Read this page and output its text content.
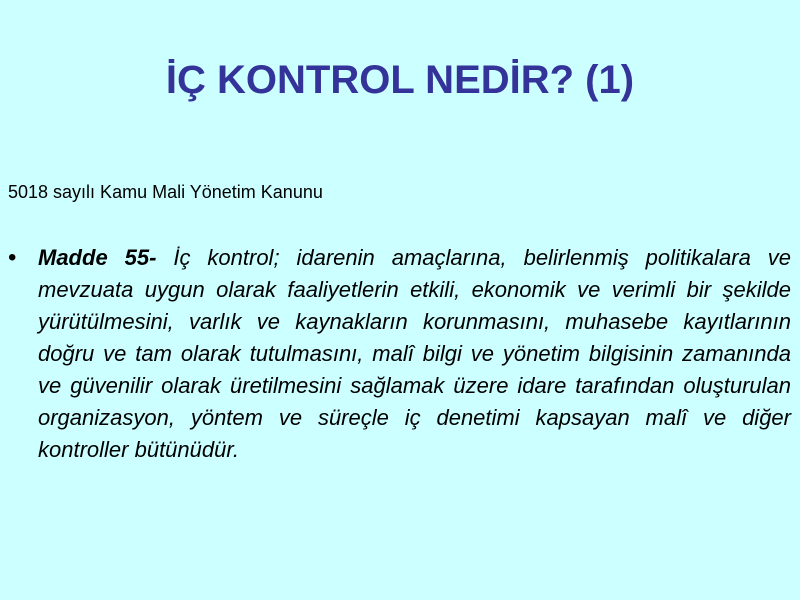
İÇ KONTROL NEDİR? (1)

5018 sayılı Kamu Mali Yönetim Kanunu

• Madde 55- İç kontrol; idarenin amaçlarına, belirlenmiş politikalara ve mevzuata uygun olarak faaliyetlerin etkili, ekonomik ve verimli bir şekilde yürütülmesini, varlık ve kaynakların korunmasını, muhasebe kayıtlarının doğru ve tam olarak tutulmasını, malî bilgi ve yönetim bilgisinin zamanında ve güvenilir olarak üretilmesini sağlamak üzere idare tarafından oluşturulan organizasyon, yöntem ve süreçle iç denetimi kapsayan malî ve diğer kontroller bütünüdür.
